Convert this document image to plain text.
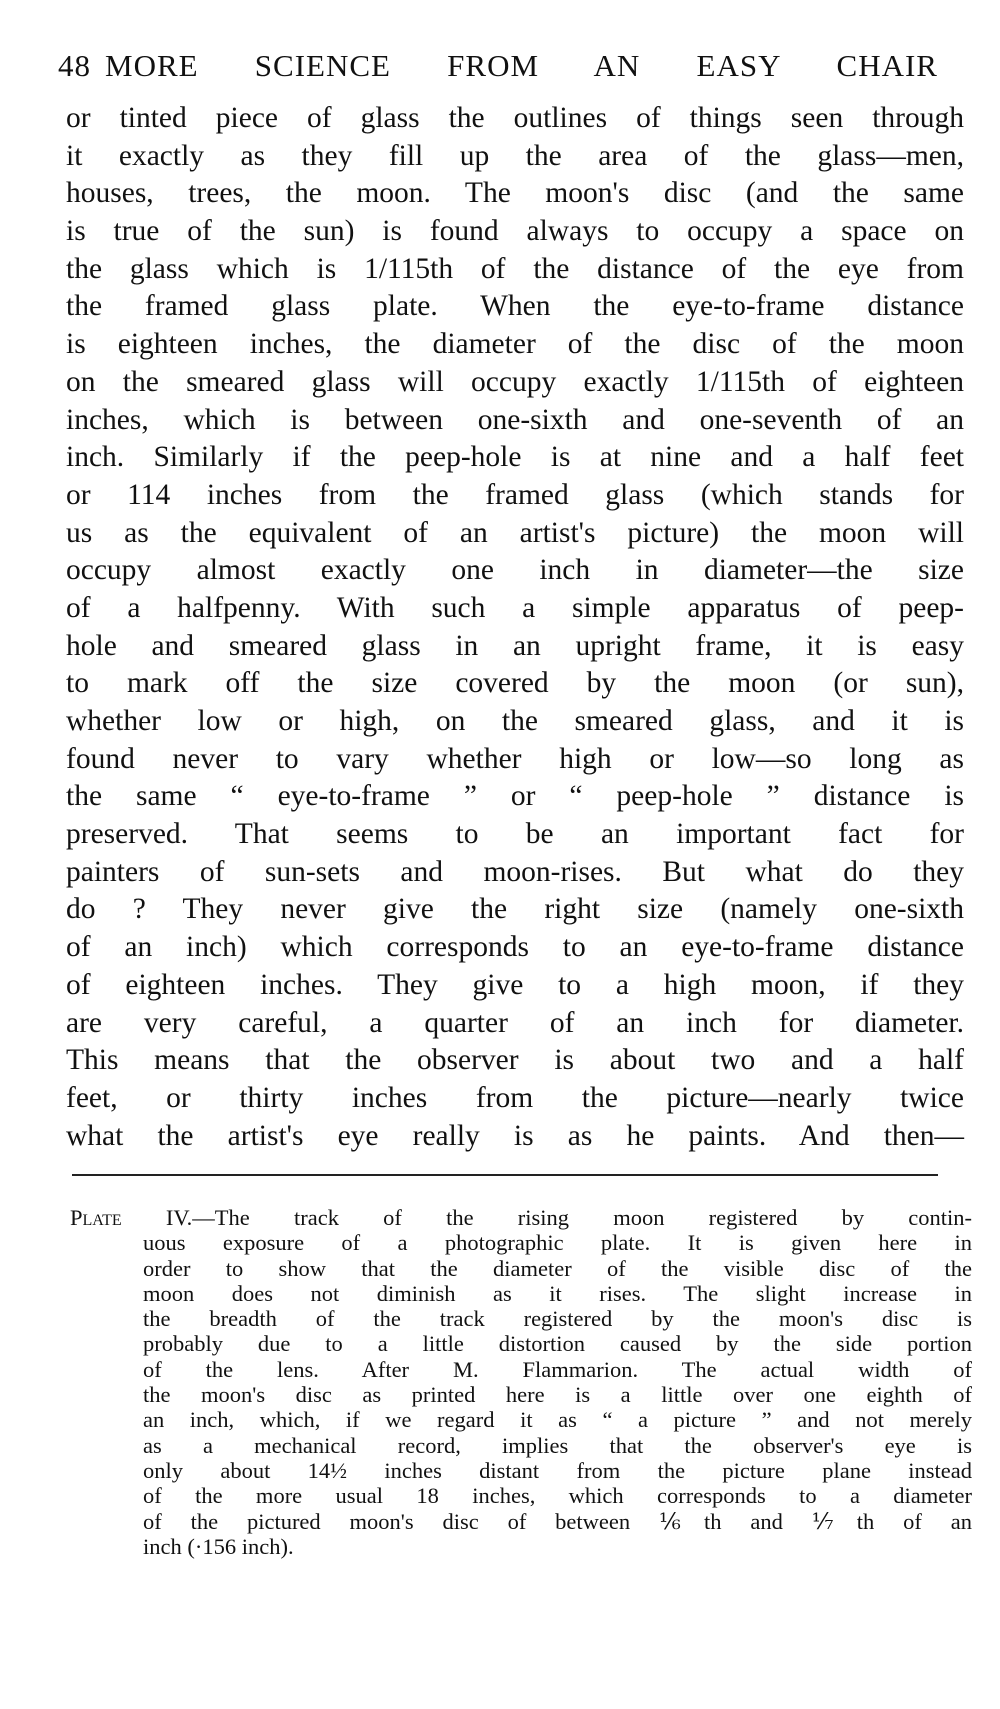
48 MORE SCIENCE FROM AN EASY CHAIR
or tinted piece of glass the outlines of things seen through
it exactly as they fill up the area of the glass—men,
houses, trees, the moon. The moon's disc (and the same
is true of the sun) is found always to occupy a space on
the glass which is 1/115th of the distance of the eye from
the framed glass plate. When the eye-to-frame distance
is eighteen inches, the diameter of the disc of the moon
on the smeared glass will occupy exactly 1/115th of eighteen
inches, which is between one-sixth and one-seventh of an
inch. Similarly if the peep-hole is at nine and a half feet
or 114 inches from the framed glass (which stands for
us as the equivalent of an artist's picture) the moon will
occupy almost exactly one inch in diameter—the size
of a halfpenny. With such a simple apparatus of peep-
hole and smeared glass in an upright frame, it is easy
to mark off the size covered by the moon (or sun),
whether low or high, on the smeared glass, and it is
found never to vary whether high or low—so long as
the same “ eye-to-frame ” or “ peep-hole ” distance is
preserved. That seems to be an important fact for
painters of sun-sets and moon-rises. But what do they
do ? They never give the right size (namely one-sixth
of an inch) which corresponds to an eye-to-frame distance
of eighteen inches. They give to a high moon, if they
are very careful, a quarter of an inch for diameter.
This means that the observer is about two and a half
feet, or thirty inches from the picture—nearly twice
what the artist's eye really is as he paints. And then—
Plate IV.—The track of the rising moon registered by contin-
uous exposure of a photographic plate. It is given here in
order to show that the diameter of the visible disc of the
moon does not diminish as it rises. The slight increase in
the breadth of the track registered by the moon's disc is
probably due to a little distortion caused by the side portion
of the lens. After M. Flammarion. The actual width of
the moon's disc as printed here is a little over one eighth of
an inch, which, if we regard it as “ a picture ” and not merely
as a mechanical record, implies that the observer's eye is
only about 14½ inches distant from the picture plane instead
of the more usual 18 inches, which corresponds to a diameter
of the pictured moon's disc of between ⅙th and ⅐th of an
inch (·156 inch).
